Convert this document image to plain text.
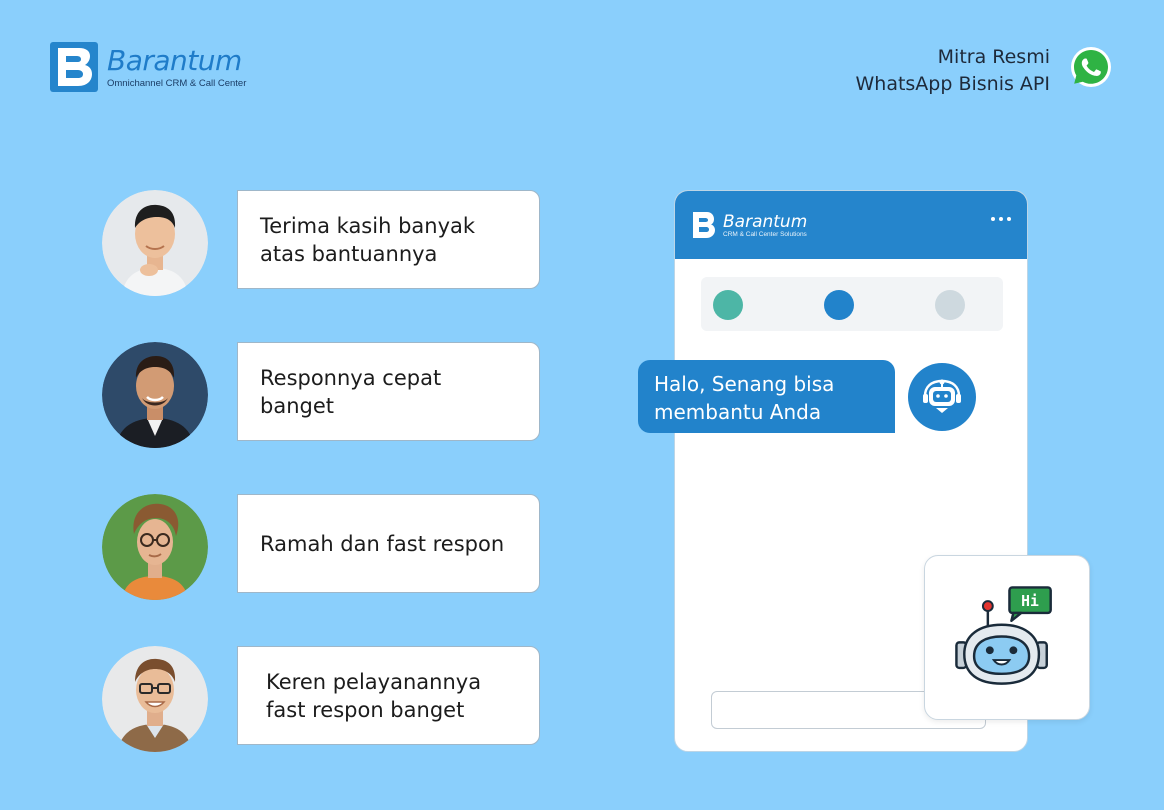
Barantum
Omnichannel CRM & Call Center
Mitra Resmi
WhatsApp Bisnis API
Terima kasih banyak
atas bantuannya
Responnya cepat
banget
Ramah dan fast respon
Keren pelayanannya
fast respon banget
Barantum
CRM & Call Center Solutions
Halo, Senang bisa
membantu Anda
Hi
